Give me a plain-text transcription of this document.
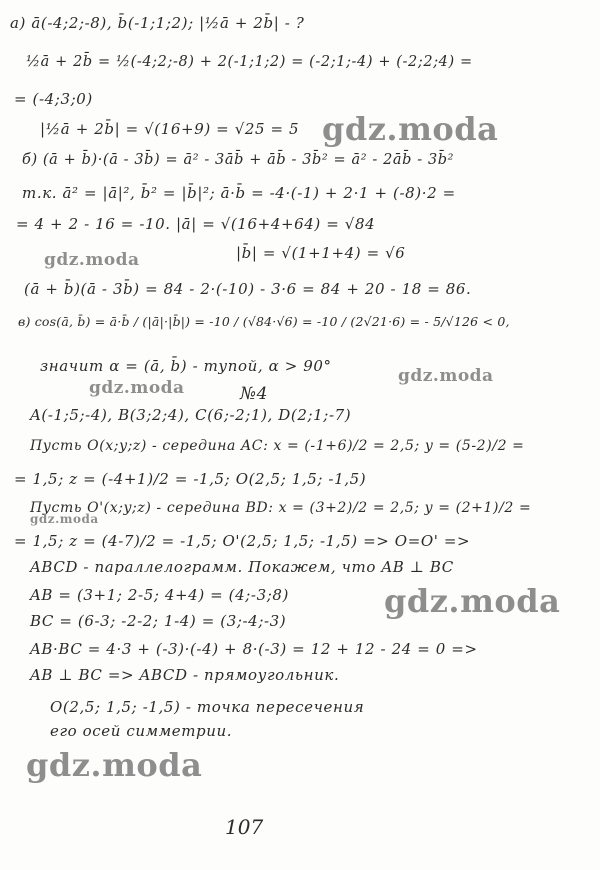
а) ā(-4;2;-8), b̄(-1;1;2); |½ā + 2b̄| - ?
½ā + 2b̄ = ½(-4;2;-8) + 2(-1;1;2) = (-2;1;-4) + (-2;2;4) =
= (-4;3;0)
|½ā + 2b̄| = √(16+9) = √25 = 5
б) (ā + b̄)·(ā - 3b̄) = ā² - 3āb̄ + āb̄ - 3b̄² = ā² - 2āb̄ - 3b̄²
т.к. ā² = |ā|², b̄² = |b̄|²; ā·b̄ = -4·(-1) + 2·1 + (-8)·2 =
= 4 + 2 - 16 = -10. |ā| = √(16+4+64) = √84
|b̄| = √(1+1+4) = √6
(ā + b̄)(ā - 3b̄) = 84 - 2·(-10) - 3·6 = 84 + 20 - 18 = 86.
в) cos(ā, b̄) = ā·b̄ / (|ā|·|b̄|) = -10 / (√84·√6) = -10 / (2√21·6) = - 5/√126 < 0,
значит α = (ā, b̄) - тупой, α > 90°
№4
A(-1;5;-4), B(3;2;4), C(6;-2;1), D(2;1;-7)
Пусть O(x;y;z) - середина AC: x = (-1+6)/2 = 2,5; y = (5-2)/2 =
= 1,5; z = (-4+1)/2 = -1,5; O(2,5; 1,5; -1,5)
Пусть O'(x;y;z) - середина BD: x = (3+2)/2 = 2,5; y = (2+1)/2 =
= 1,5; z = (4-7)/2 = -1,5; O'(2,5; 1,5; -1,5) => O=O' =>
ABCD - параллелограмм. Покажем, что AB ⊥ BC
AB = (3+1; 2-5; 4+4) = (4;-3;8)
BC = (6-3; -2-2; 1-4) = (3;-4;-3)
AB·BC = 4·3 + (-3)·(-4) + 8·(-3) = 12 + 12 - 24 = 0 =>
AB ⊥ BC => ABCD - прямоугольник.
O(2,5; 1,5; -1,5) - точка пересечения
его осей симметрии.
107
gdz.moda
gdz.moda
gdz.moda
gdz.moda
gdz.moda
gdz.moda
gdz.moda
